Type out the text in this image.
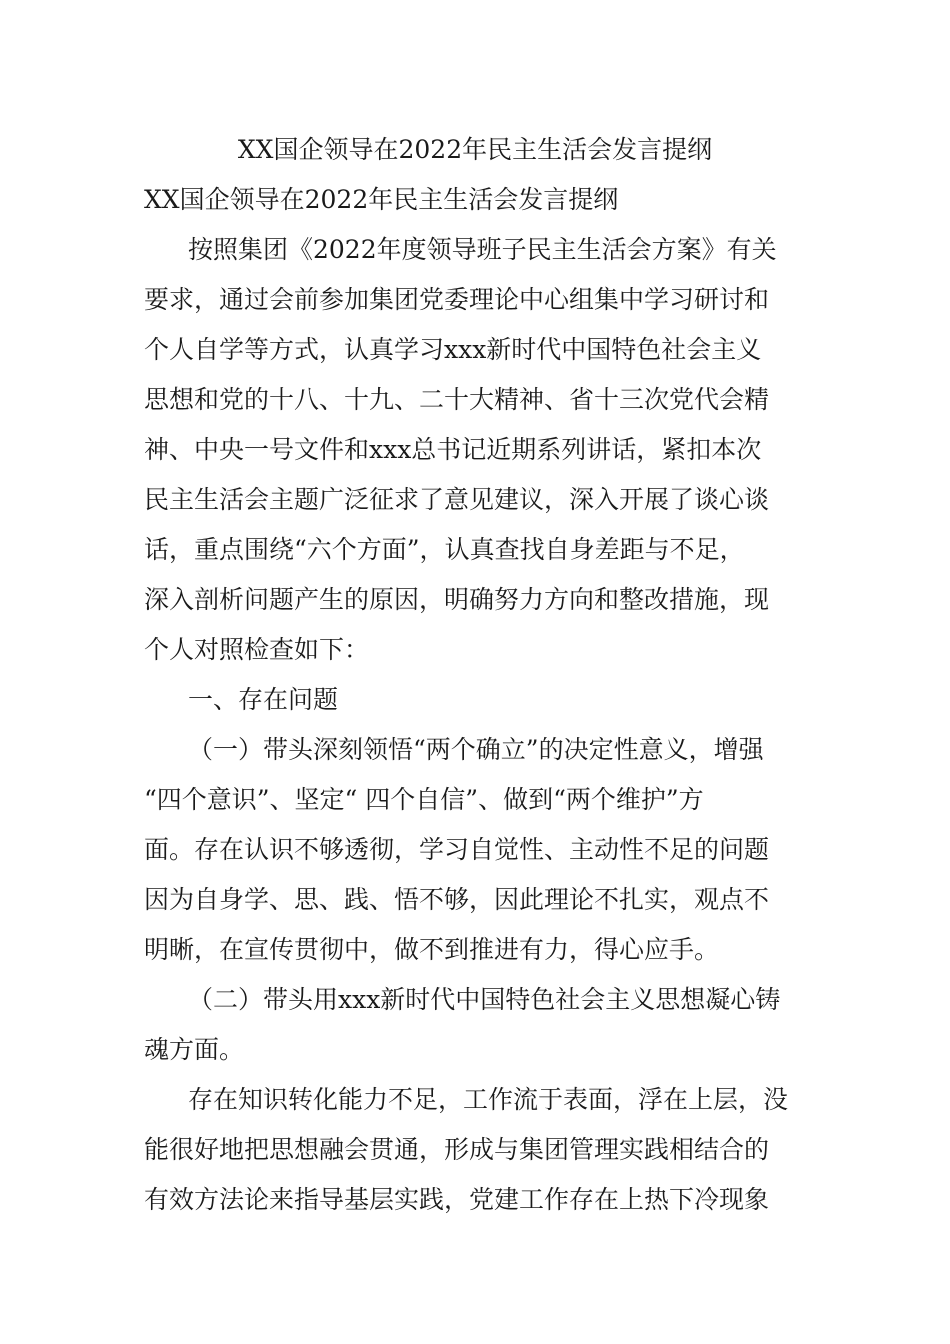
XX国企领导在2022年民主生活会发言提纲
XX国企领导在2022年民主生活会发言提纲
按照集团《2022年度领导班子民主生活会方案》有关
要求，通过会前参加集团党委理论中心组集中学习研讨和
个人自学等方式，认真学习xxx新时代中国特色社会主义
思想和党的十八、十九、二十大精神、省十三次党代会精
神、中央一号文件和xxx总书记近期系列讲话，紧扣本次
民主生活会主题广泛征求了意见建议，深入开展了谈心谈
话，重点围绕“六个方面”，认真查找自身差距与不足，
深入剖析问题产生的原因，明确努力方向和整改措施，现
个人对照检查如下：
一、存在问题
（一）带头深刻领悟“两个确立”的决定性意义，增强
“四个意识”、坚定“ 四个自信”、做到“两个维护”方
面。存在认识不够透彻，学习自觉性、主动性不足的问题
因为自身学、思、践、悟不够，因此理论不扎实，观点不
明晰，在宣传贯彻中，做不到推进有力，得心应手。
（二）带头用xxx新时代中国特色社会主义思想凝心铸
魂方面。
存在知识转化能力不足，工作流于表面，浮在上层，没
能很好地把思想融会贯通，形成与集团管理实践相结合的
有效方法论来指导基层实践，党建工作存在上热下冷现象
